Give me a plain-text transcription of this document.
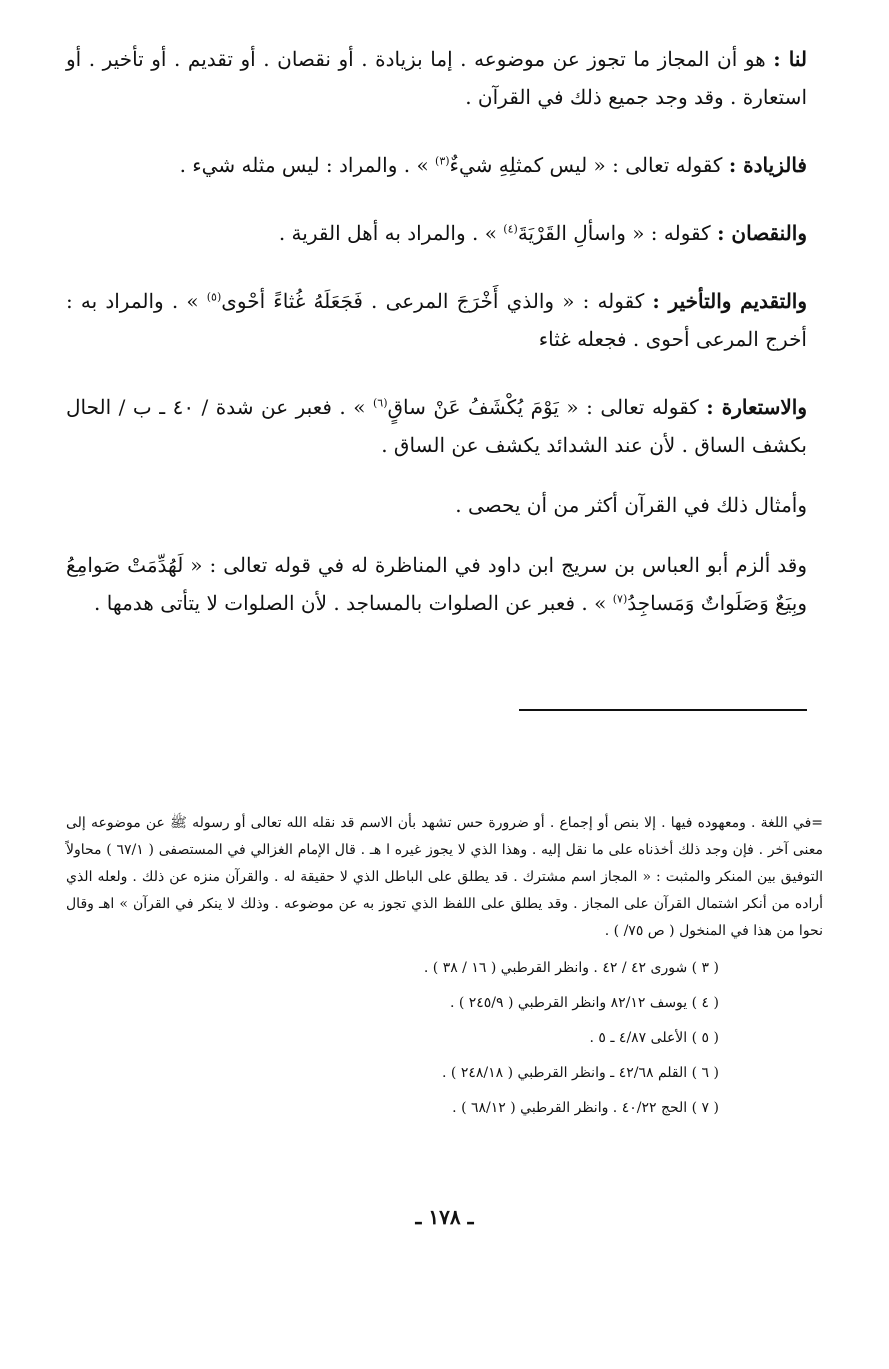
لنا : هو أن المجاز ما تجوز عن موضوعه . إما بزيادة . أو نقصان . أو تقديم . أو تأخير . أو استعارة . وقد وجد جميع ذلك في القرآن .

فالزيادة : كقوله تعالى : « ليس كمثلِهِ شيءٌ$^{(٣)}$ » . والمراد : ليس مثله شيء .

والنقصان : كقوله : « واسألِ القَرْيَةَ$^{(٤)}$ » . والمراد به أهل القرية .

والتقديم والتأخير : كقوله : « والذي أَخْرَجَ المرعى . فَجَعَلَهُ غُثاءً أحْوى$^{(٥)}$ » . والمراد به : أخرج المرعى أحوى . فجعله غثاء

والاستعارة : كقوله تعالى : « يَوْمَ يُكْشَفُ عَنْ ساقٍ$^{(٦)}$ » . فعبر عن شدة / ٤٠ ـ ب / الحال بكشف الساق . لأن عند الشدائد يكشف عن الساق .

وأمثال ذلك في القرآن أكثر من أن يحصى .

وقد ألزم أبو العباس بن سريج ابن داود في المناظرة له في قوله تعالى : « لَهُدِّمَتْ صَوامِعُ وبِيَعٌ وَصَلَواتٌ وَمَساجِدُ$^{(٧)}$ » . فعبر عن الصلوات بالمساجد . لأن الصلوات لا يتأتى هدمها .

=في اللغة . ومعهوده فيها . إلا بنص أو إجماع . أو ضرورة حس تشهد بأن الاسم قد نقله الله تعالى أو رسوله ﷺ عن موضوعه إلى معنى آخر . فإن وجد ذلك أخذناه على ما نقل إليه . وهذا الذي لا يجوز غيره ا هـ . قال الإمام الغزالي في المستصفى ( ٦٧/١ ) محاولاً التوفيق بين المنكر والمثبت : « المجاز اسم مشترك . قد يطلق على الباطل الذي لا حقيقة له . والقرآن منزه عن ذلك . ولعله الذي أراده من أنكر اشتمال القرآن على المجاز . وقد يطلق على اللفظ الذي تجوز به عن موضوعه . وذلك لا ينكر في القرآن » اهـ وقال نحوا من هذا في المنخول ( ص ٧٥/ ) .

( ٣ ) شورى ٤٢ / ٤٢ . وانظر القرطبي ( ١٦ / ٣٨ ) .
( ٤ ) يوسف ٨٢/١٢ وانظر القرطبي ( ٢٤٥/٩ ) .
( ٥ ) الأعلى ٤/٨٧ ـ ٥ .
( ٦ ) القلم ٤٢/٦٨ ـ وانظر القرطبي ( ٢٤٨/١٨ ) .
( ٧ ) الحج ٤٠/٢٢ . وانظر القرطبي ( ٦٨/١٢ ) .
ـ ١٧٨ ـ
